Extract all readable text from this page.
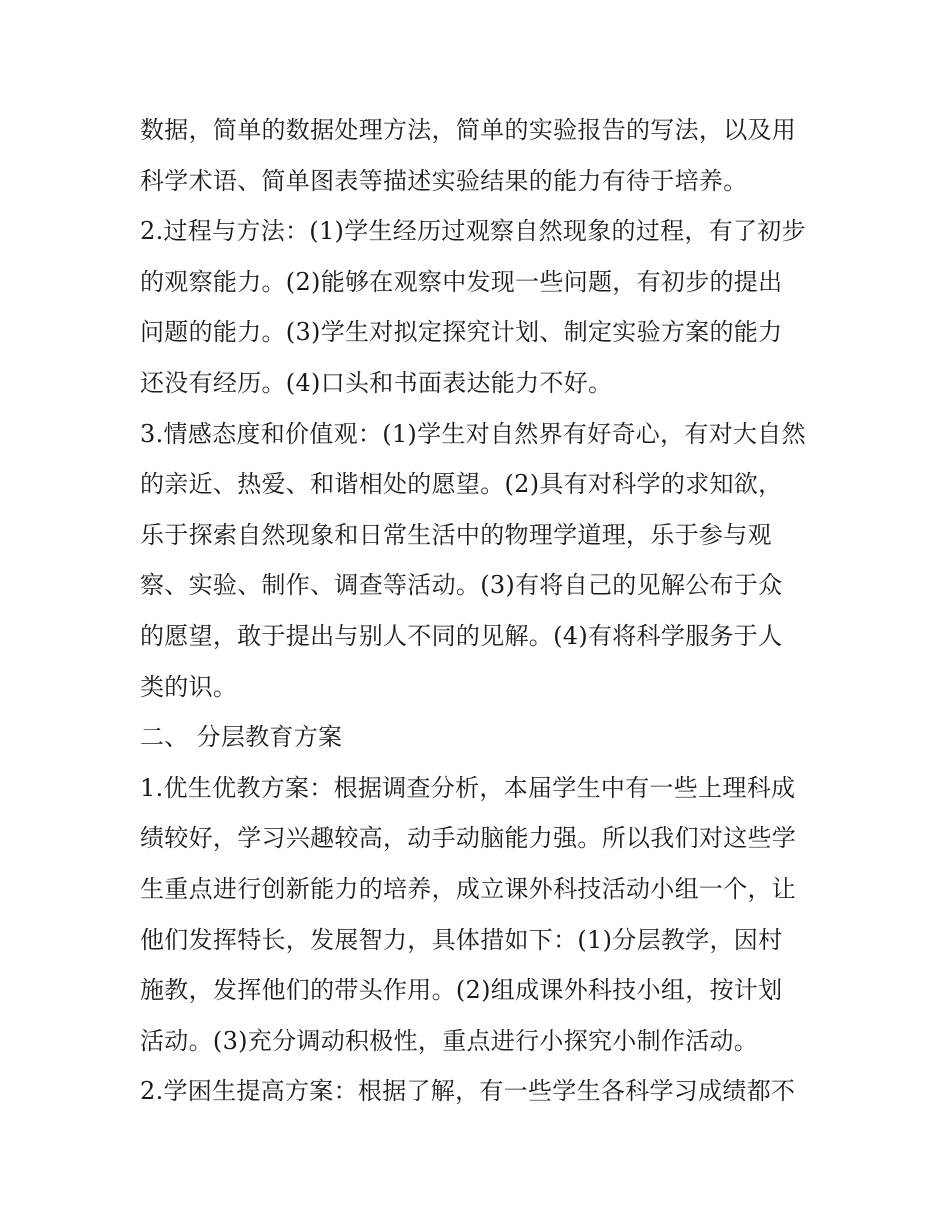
数据，简单的数据处理方法，简单的实验报告的写法，以及用
科学术语、简单图表等描述实验结果的能力有待于培养。
2.过程与方法：(1)学生经历过观察自然现象的过程，有了初步
的观察能力。(2)能够在观察中发现一些问题，有初步的提出
问题的能力。(3)学生对拟定探究计划、制定实验方案的能力
还没有经历。(4)口头和书面表达能力不好。
3.情感态度和价值观：(1)学生对自然界有好奇心，有对大自然
的亲近、热爱、和谐相处的愿望。(2)具有对科学的求知欲，
乐于探索自然现象和日常生活中的物理学道理，乐于参与观
察、实验、制作、调查等活动。(3)有将自己的见解公布于众
的愿望，敢于提出与别人不同的见解。(4)有将科学服务于人
类的识。
二、 分层教育方案
1.优生优教方案：根据调查分析，本届学生中有一些上理科成
绩较好，学习兴趣较高，动手动脑能力强。所以我们对这些学
生重点进行创新能力的培养，成立课外科技活动小组一个，让
他们发挥特长，发展智力，具体措如下：(1)分层教学，因村
施教，发挥他们的带头作用。(2)组成课外科技小组，按计划
活动。(3)充分调动积极性，重点进行小探究小制作活动。
2.学困生提高方案：根据了解，有一些学生各科学习成绩都不
